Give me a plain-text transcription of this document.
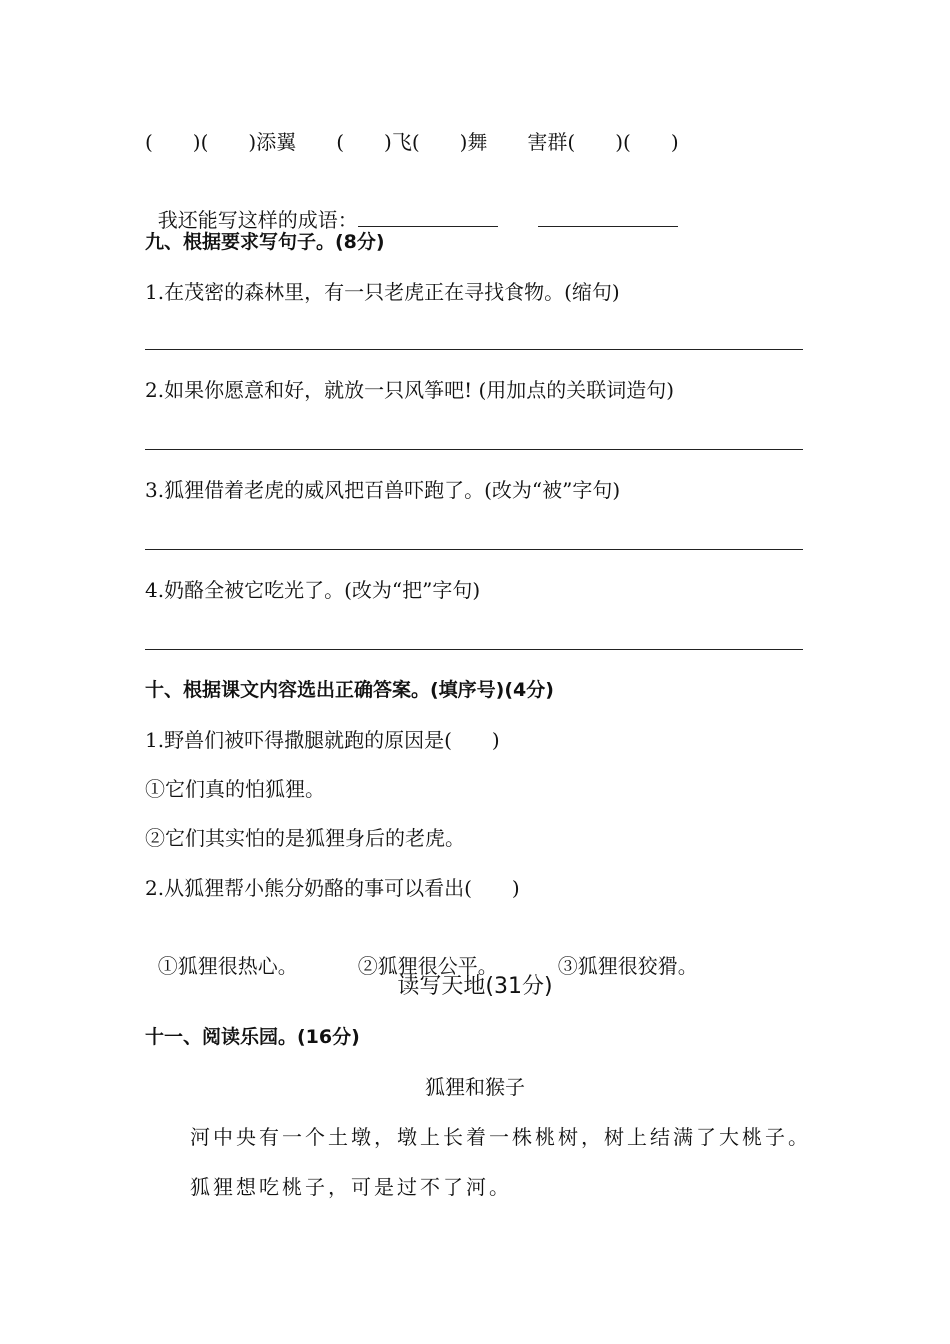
(　　)(　　)添翼　　(　　)飞(　　)舞　　害群(　　)(　　)

我还能写这样的成语：

九、根据要求写句子。(8分)
1.在茂密的森林里，有一只老虎正在寻找食物。(缩句)
2.如果你愿意和好，就放一只风筝吧! (用加点的关联词造句)
3.狐狸借着老虎的威风把百兽吓跑了。(改为“被”字句)
4.奶酪全被它吃光了。(改为“把”字句)
十、根据课文内容选出正确答案。(填序号)(4分)
1.野兽们被吓得撒腿就跑的原因是(　　)
①它们真的怕狐狸。
②它们其实怕的是狐狸身后的老虎。
2.从狐狸帮小熊分奶酪的事可以看出(　　)

①狐狸很热心。	②狐狸很公平。	③狐狸很狡猾。

读写天地(31分)
十一、阅读乐园。(16分)
狐狸和猴子
河中央有一个土墩，墩上长着一株桃树，树上结满了大桃子。
狐狸想吃桃子，可是过不了河。
